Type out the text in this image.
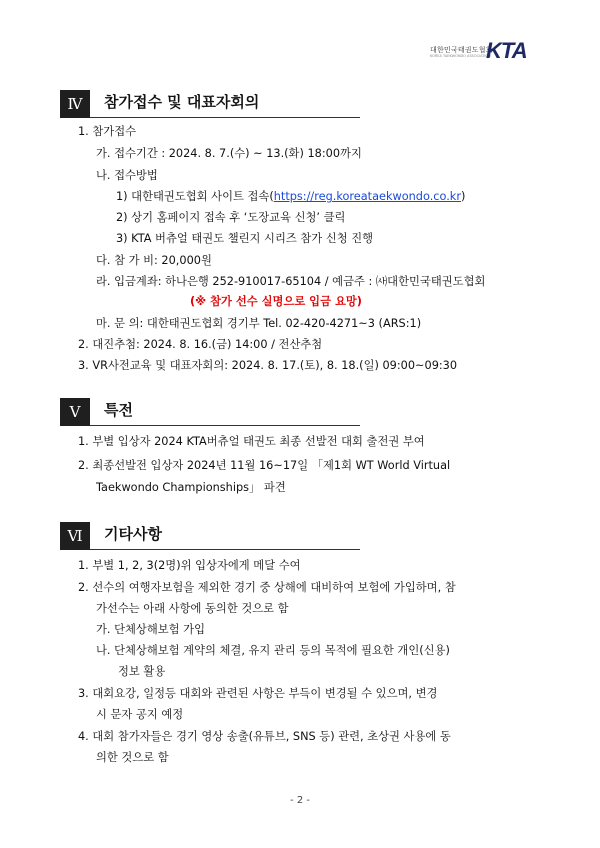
대한민국태권도협회
KOREA TAEKWONDO ASSOCIATION
KTA
Ⅳ	참가접수 및 대표자회의
1. 참가접수
가. 접수기간 : 2024. 8. 7.(수) ~ 13.(화) 18:00까지
나. 접수방법
1) 대한태권도협회 사이트 접속(https://reg.koreataekwondo.co.kr)
2) 상기 홈페이지 접속 후 ‘도장교육 신청’ 클릭
3) KTA 버츄얼 태권도 챌린지 시리즈 참가 신청 진행
다. 참 가 비: 20,000원
라. 입금계좌: 하나은행 252-910017-65104 / 예금주 : ㈔대한민국태권도협회
(※ 참가 선수 실명으로 입금 요망)
마. 문 의: 대한태권도협회 경기부 Tel. 02-420-4271~3 (ARS:1)
2. 대진추첨: 2024. 8. 16.(금) 14:00 / 전산추첨
3. VR사전교육 및 대표자회의: 2024. 8. 17.(토), 8. 18.(일) 09:00~09:30
Ⅴ	특전
1. 부별 입상자 2024 KTA버츄얼 태권도 최종 선발전 대회 출전권 부여
2. 최종선발전 입상자 2024년 11월 16~17일 「제1회 WT World Virtual
Taekwondo Championships」 파견
Ⅵ	기타사항
1. 부별 1, 2, 3(2명)위 입상자에게 메달 수여
2. 선수의 여행자보험을 제외한 경기 중 상해에 대비하여 보험에 가입하며, 참
가선수는 아래 사항에 동의한 것으로 함
가. 단체상해보험 가입
나. 단체상해보험 계약의 체결, 유지 관리 등의 목적에 필요한 개인(신용)
정보 활용
3. 대회요강, 일정등 대회와 관련된 사항은 부득이 변경될 수 있으며, 변경
시 문자 공지 예정
4. 대회 참가자들은 경기 영상 송출(유튜브, SNS 등) 관련, 초상권 사용에 동
의한 것으로 함
- 2 -
